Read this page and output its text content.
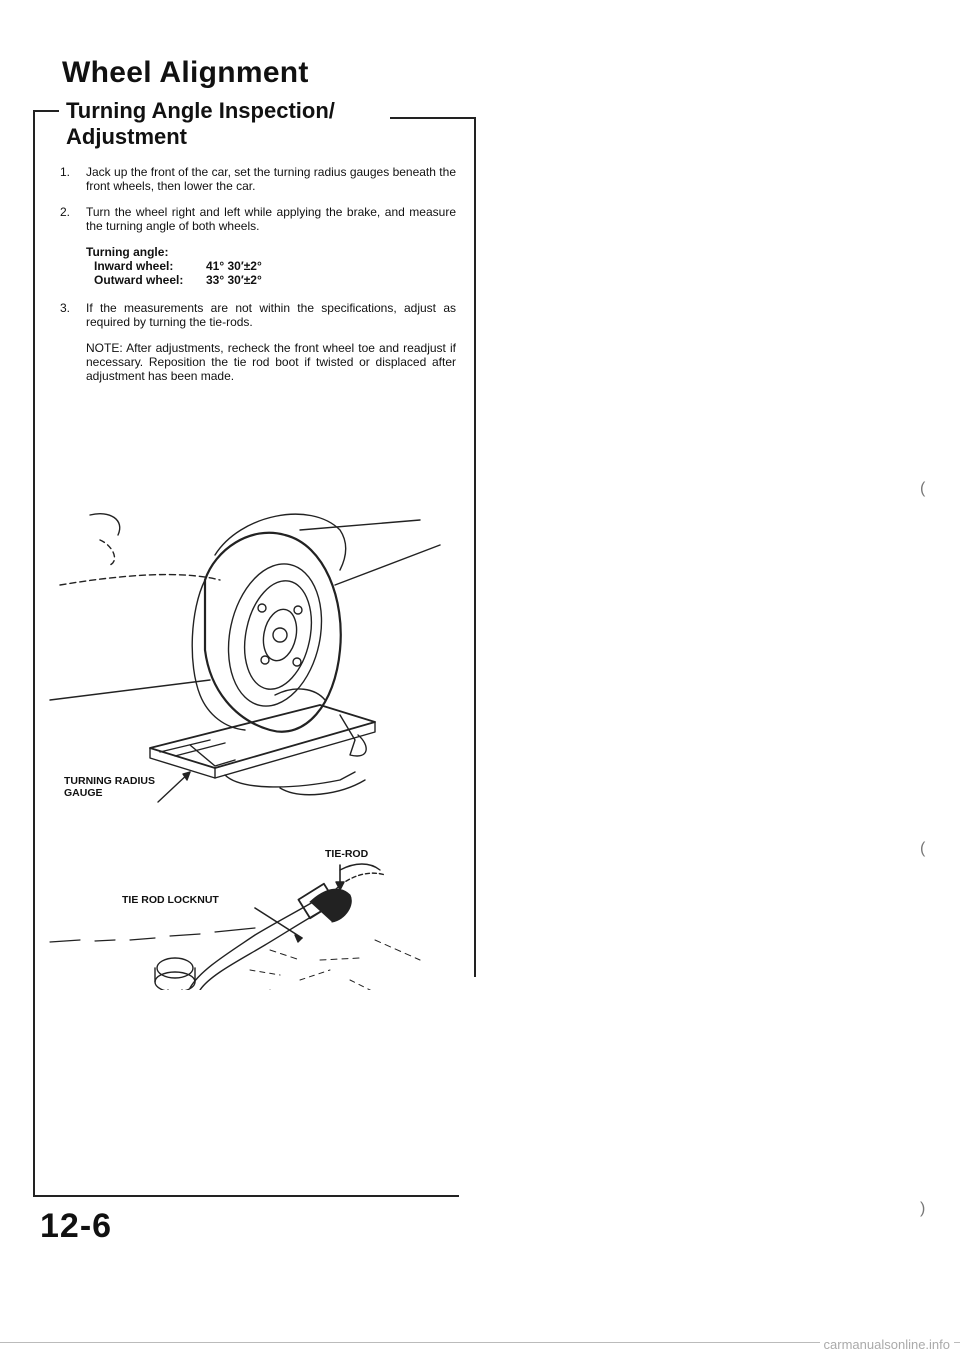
Wheel Alignment
Turning Angle Inspection/
Adjustment
1.	Jack up the front of the car, set the turning radius gauges beneath the front wheels, then lower the car.
2.	Turn the wheel right and left while applying the brake, and measure the turning angle of both wheels.
Turning angle:
Inward wheel:	41° 30′±2°
Outward wheel:	33° 30′±2°
3.	If the measurements are not within the specifications, adjust as required by turning the tie-rods.
NOTE: After adjustments, recheck the front wheel toe and readjust if necessary. Reposition the tie rod boot if twisted or displaced after adjustment has been made.
TURNING RADIUS
GAUGE
TIE ROD LOCKNUT
TIE-ROD
12-6
(
(
)
carmanualsonline.info
